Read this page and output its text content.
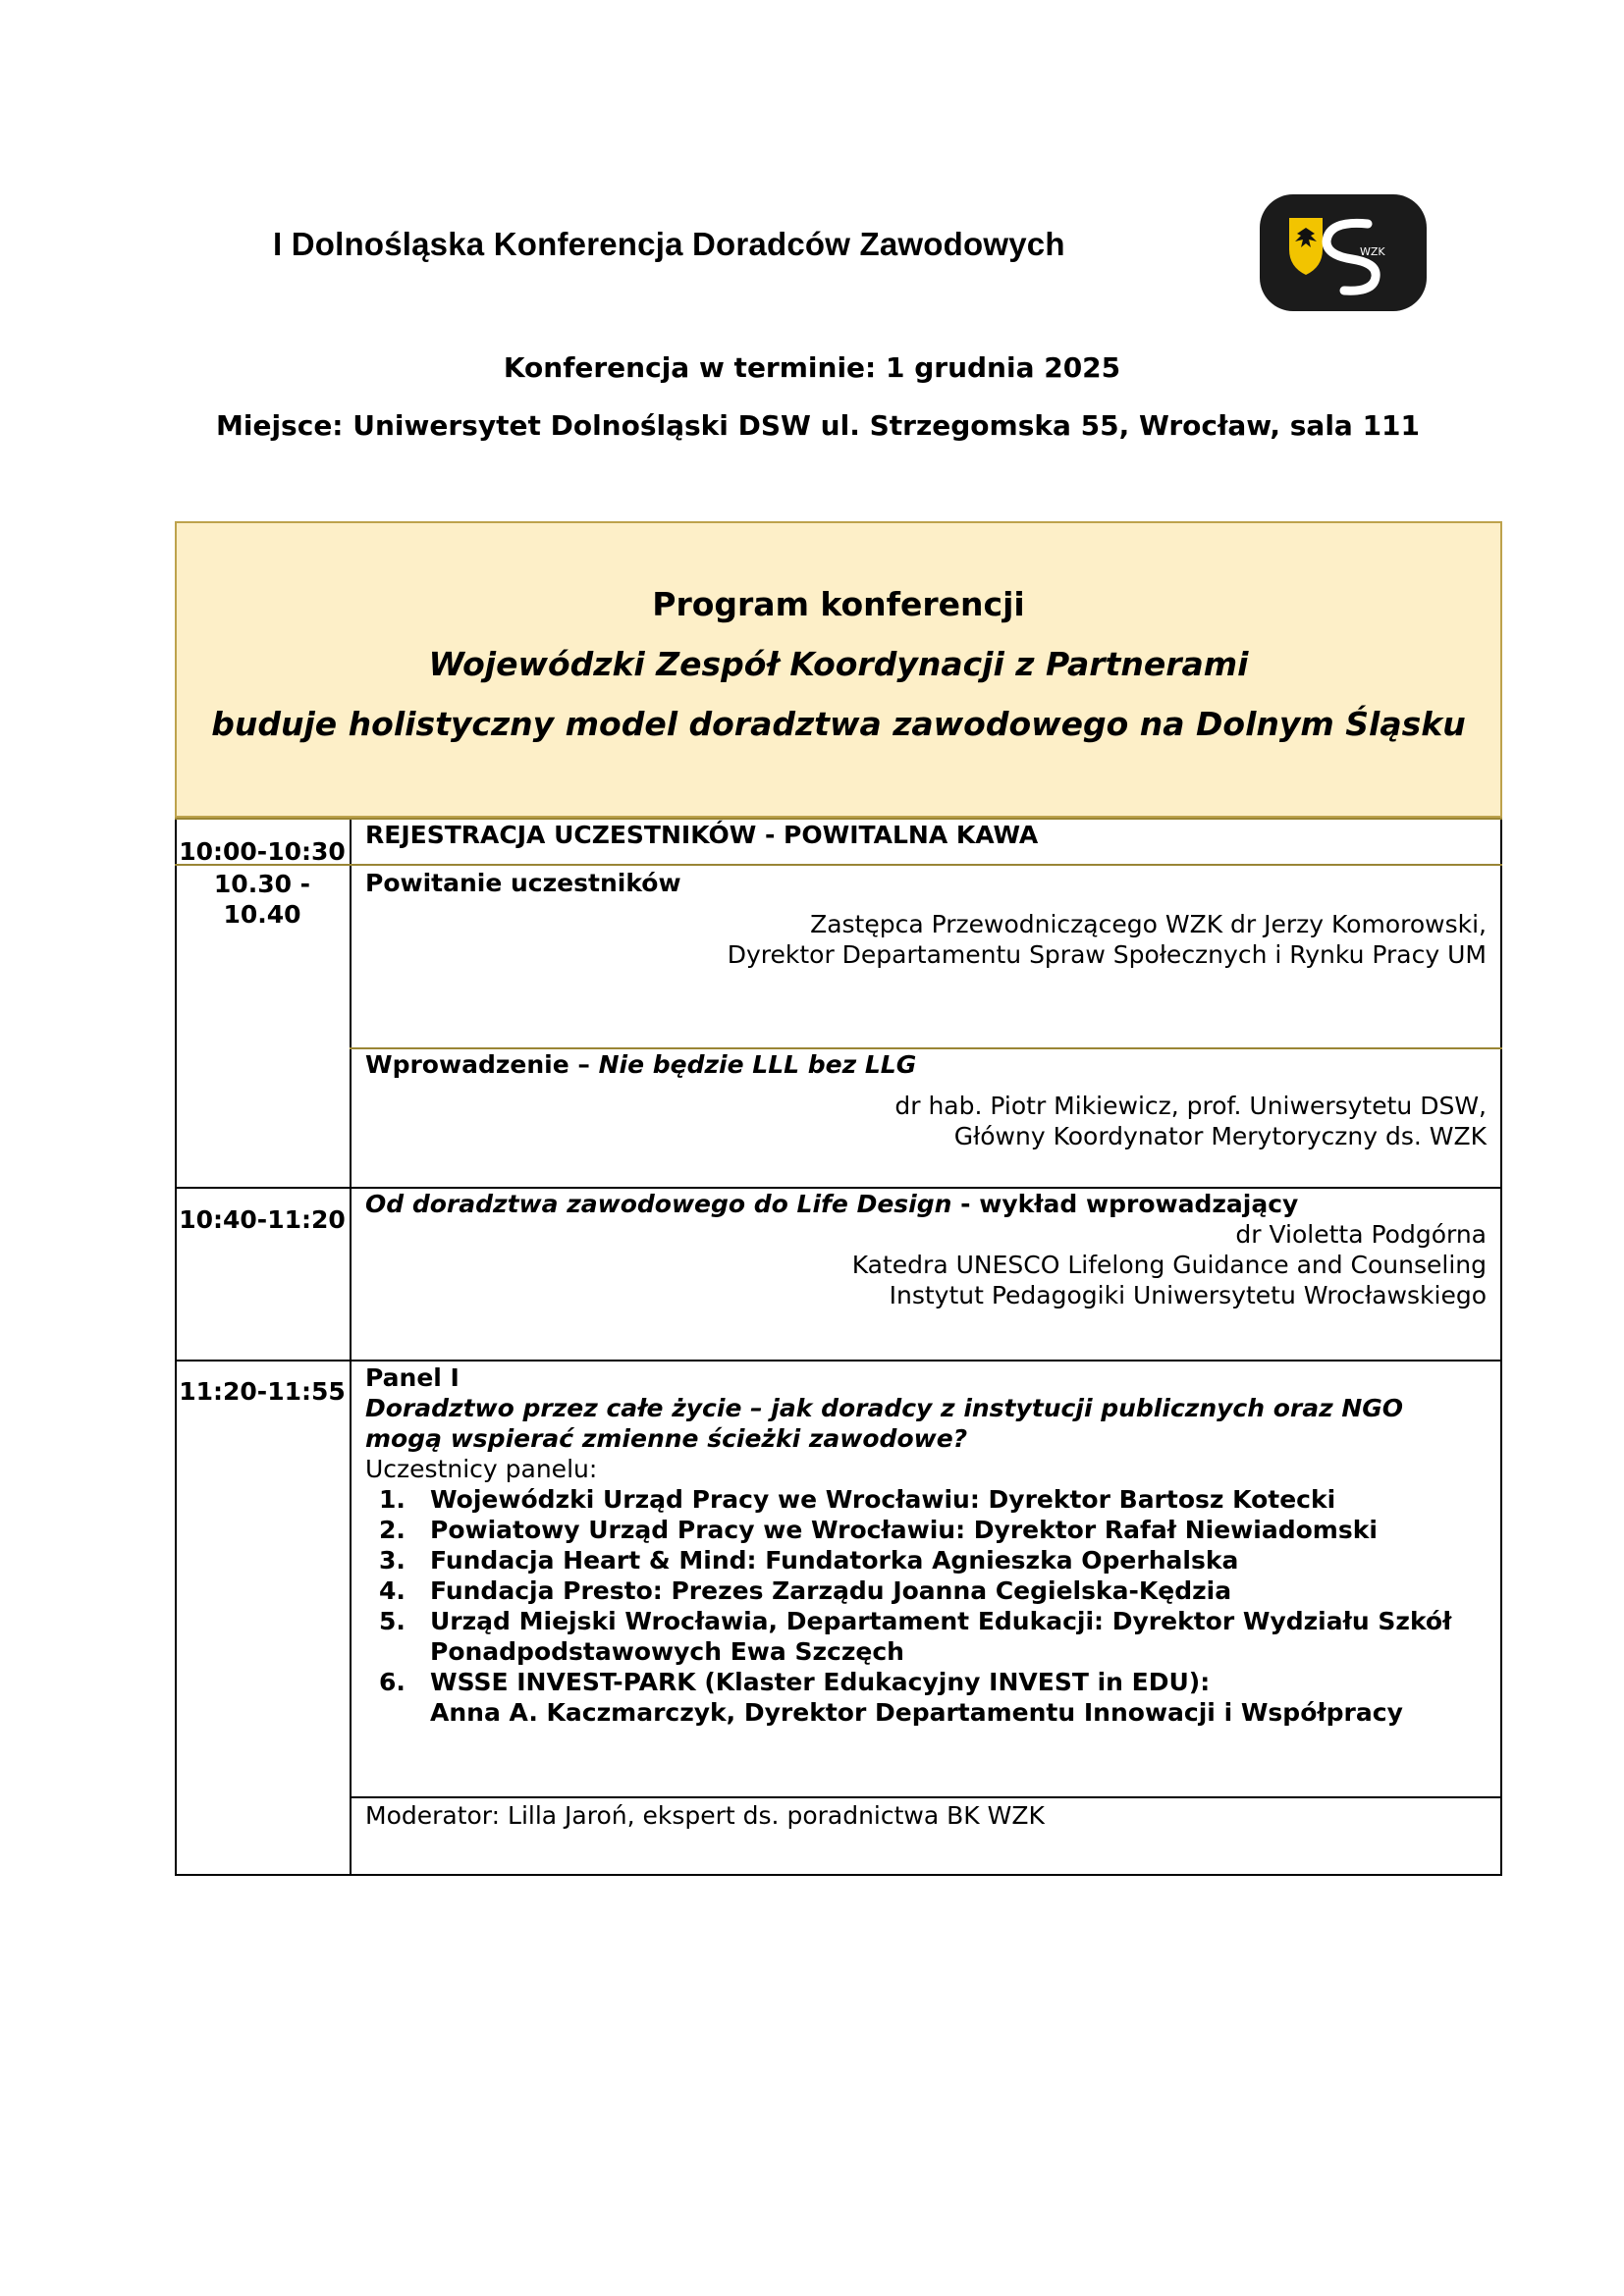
I Dolnośląska Konferencja Doradców Zawodowych	WZK
Konferencja w terminie: 1 grudnia 2025
Miejsce: Uniwersytet Dolnośląski DSW ul. Strzegomska 55, Wrocław, sala 111
Program konferencji
Wojewódzki Zespół Koordynacji z Partnerami
buduje holistyczny model doradztwa zawodowego na Dolnym Śląsku
10:00-10:30
REJESTRACJA UCZESTNIKÓW - POWITALNA KAWA
10.30 -
10.40
Powitanie uczestników
Zastępca Przewodniczącego WZK dr Jerzy Komorowski,
Dyrektor Departamentu Spraw Społecznych i Rynku Pracy UM
Wprowadzenie – Nie będzie LLL bez LLG
dr hab. Piotr Mikiewicz, prof. Uniwersytetu DSW,
Główny Koordynator Merytoryczny ds. WZK
10:40-11:20
Od doradztwa zawodowego do Life Design - wykład wprowadzający
dr Violetta Podgórna
Katedra UNESCO Lifelong Guidance and Counseling
Instytut Pedagogiki Uniwersytetu Wrocławskiego
11:20-11:55 Panel I
Doradztwo przez całe życie – jak doradcy z instytucji publicznych oraz NGO
mogą wspierać zmienne ścieżki zawodowe?
Uczestnicy panelu:
1. Wojewódzki Urząd Pracy we Wrocławiu: Dyrektor Bartosz Kotecki
2. Powiatowy Urząd Pracy we Wrocławiu: Dyrektor Rafał Niewiadomski
3. Fundacja Heart & Mind: Fundatorka Agnieszka Operhalska
4. Fundacja Presto: Prezes Zarządu Joanna Cegielska-Kędzia
5. Urząd Miejski Wrocławia, Departament Edukacji: Dyrektor Wydziału Szkół
Ponadpodstawowych Ewa Szczęch
6. WSSE INVEST-PARK (Klaster Edukacyjny INVEST in EDU):
Anna A. Kaczmarczyk, Dyrektor Departamentu Innowacji i Współpracy
Moderator: Lilla Jaroń, ekspert ds. poradnictwa BK WZK
